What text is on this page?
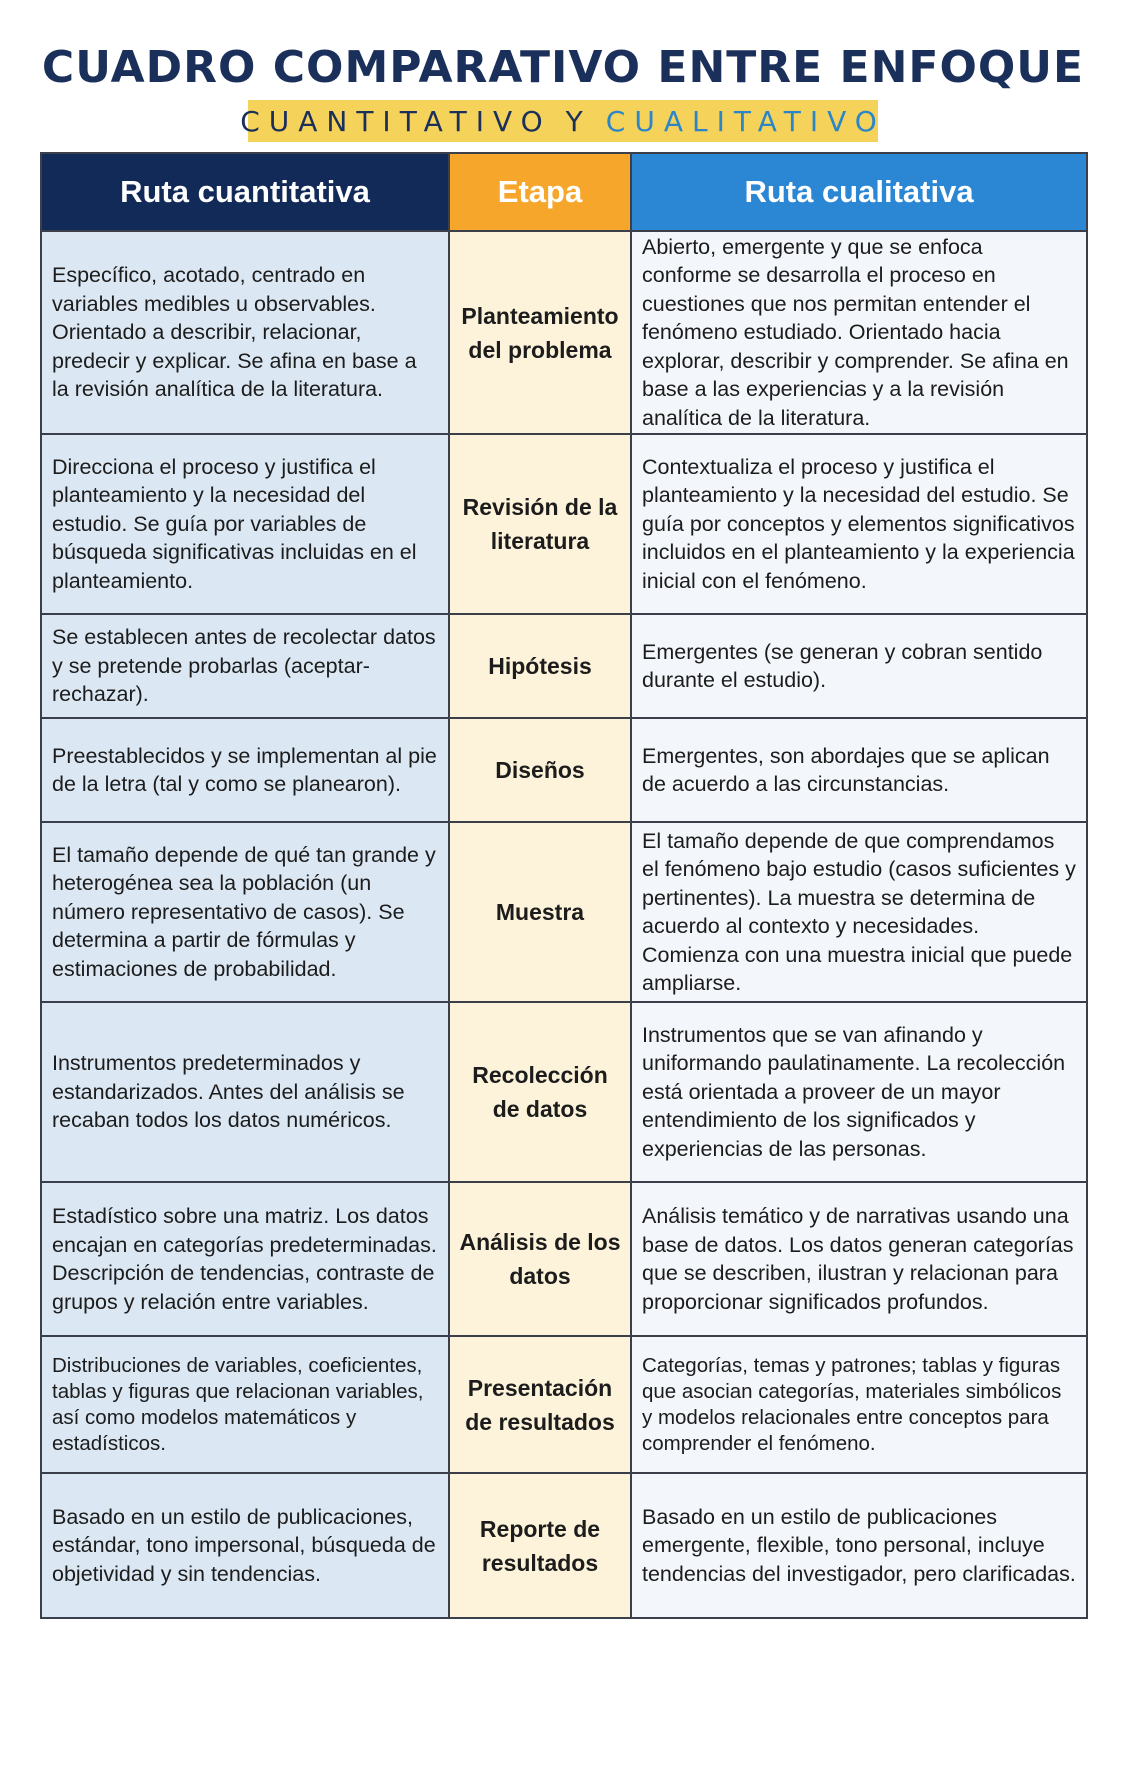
CUADRO COMPARATIVO ENTRE ENFOQUE
CUANTITATIVO Y CUALITATIVO
Ruta cuantitativa	Etapa	Ruta cualitativa
Específico, acotado, centrado en variables medibles u observables. Orientado a describir, relacionar, predecir y explicar. Se afina en base a la revisión analítica de la literatura.	Planteamiento del problema	Abierto, emergente y que se enfoca conforme se desarrolla el proceso en cuestiones que nos permitan entender el fenómeno estudiado. Orientado hacia explorar, describir y comprender. Se afina en base a las experiencias y a la revisión analítica de la literatura.
Direcciona el proceso y justifica el planteamiento y la necesidad del estudio. Se guía por variables de búsqueda significativas incluidas en el planteamiento.	Revisión de la literatura	Contextualiza el proceso y justifica el planteamiento y la necesidad del estudio. Se guía por conceptos y elementos significativos incluidos en el planteamiento y la experiencia inicial con el fenómeno.
Se establecen antes de recolectar datos y se pretende probarlas (aceptar-rechazar).	Hipótesis	Emergentes (se generan y cobran sentido durante el estudio).
Preestablecidos y se implementan al pie de la letra (tal y como se planearon).	Diseños	Emergentes, son abordajes que se aplican de acuerdo a las circunstancias.
El tamaño depende de qué tan grande y heterogénea sea la población (un número representativo de casos). Se determina a partir de fórmulas y estimaciones de probabilidad.	Muestra	El tamaño depende de que comprendamos el fenómeno bajo estudio (casos suficientes y pertinentes). La muestra se determina de acuerdo al contexto y necesidades. Comienza con una muestra inicial que puede ampliarse.
Instrumentos predeterminados y estandarizados. Antes del análisis se recaban todos los datos numéricos.	Recolección de datos	Instrumentos que se van afinando y uniformando paulatinamente. La recolección está orientada a proveer de un mayor entendimiento de los significados y experiencias de las personas.
Estadístico sobre una matriz. Los datos encajan en categorías predeterminadas. Descripción de tendencias, contraste de grupos y relación entre variables.	Análisis de los datos	Análisis temático y de narrativas usando una base de datos. Los datos generan categorías que se describen, ilustran y relacionan para proporcionar significados profundos.
Distribuciones de variables, coeficientes, tablas y figuras que relacionan variables, así como modelos matemáticos y estadísticos.	Presentación de resultados	Categorías, temas y patrones; tablas y figuras que asocian categorías, materiales simbólicos y modelos relacionales entre conceptos para comprender el fenómeno.
Basado en un estilo de publicaciones, estándar, tono impersonal, búsqueda de objetividad y sin tendencias.	Reporte de resultados	Basado en un estilo de publicaciones emergente, flexible, tono personal, incluye tendencias del investigador, pero clarificadas.
